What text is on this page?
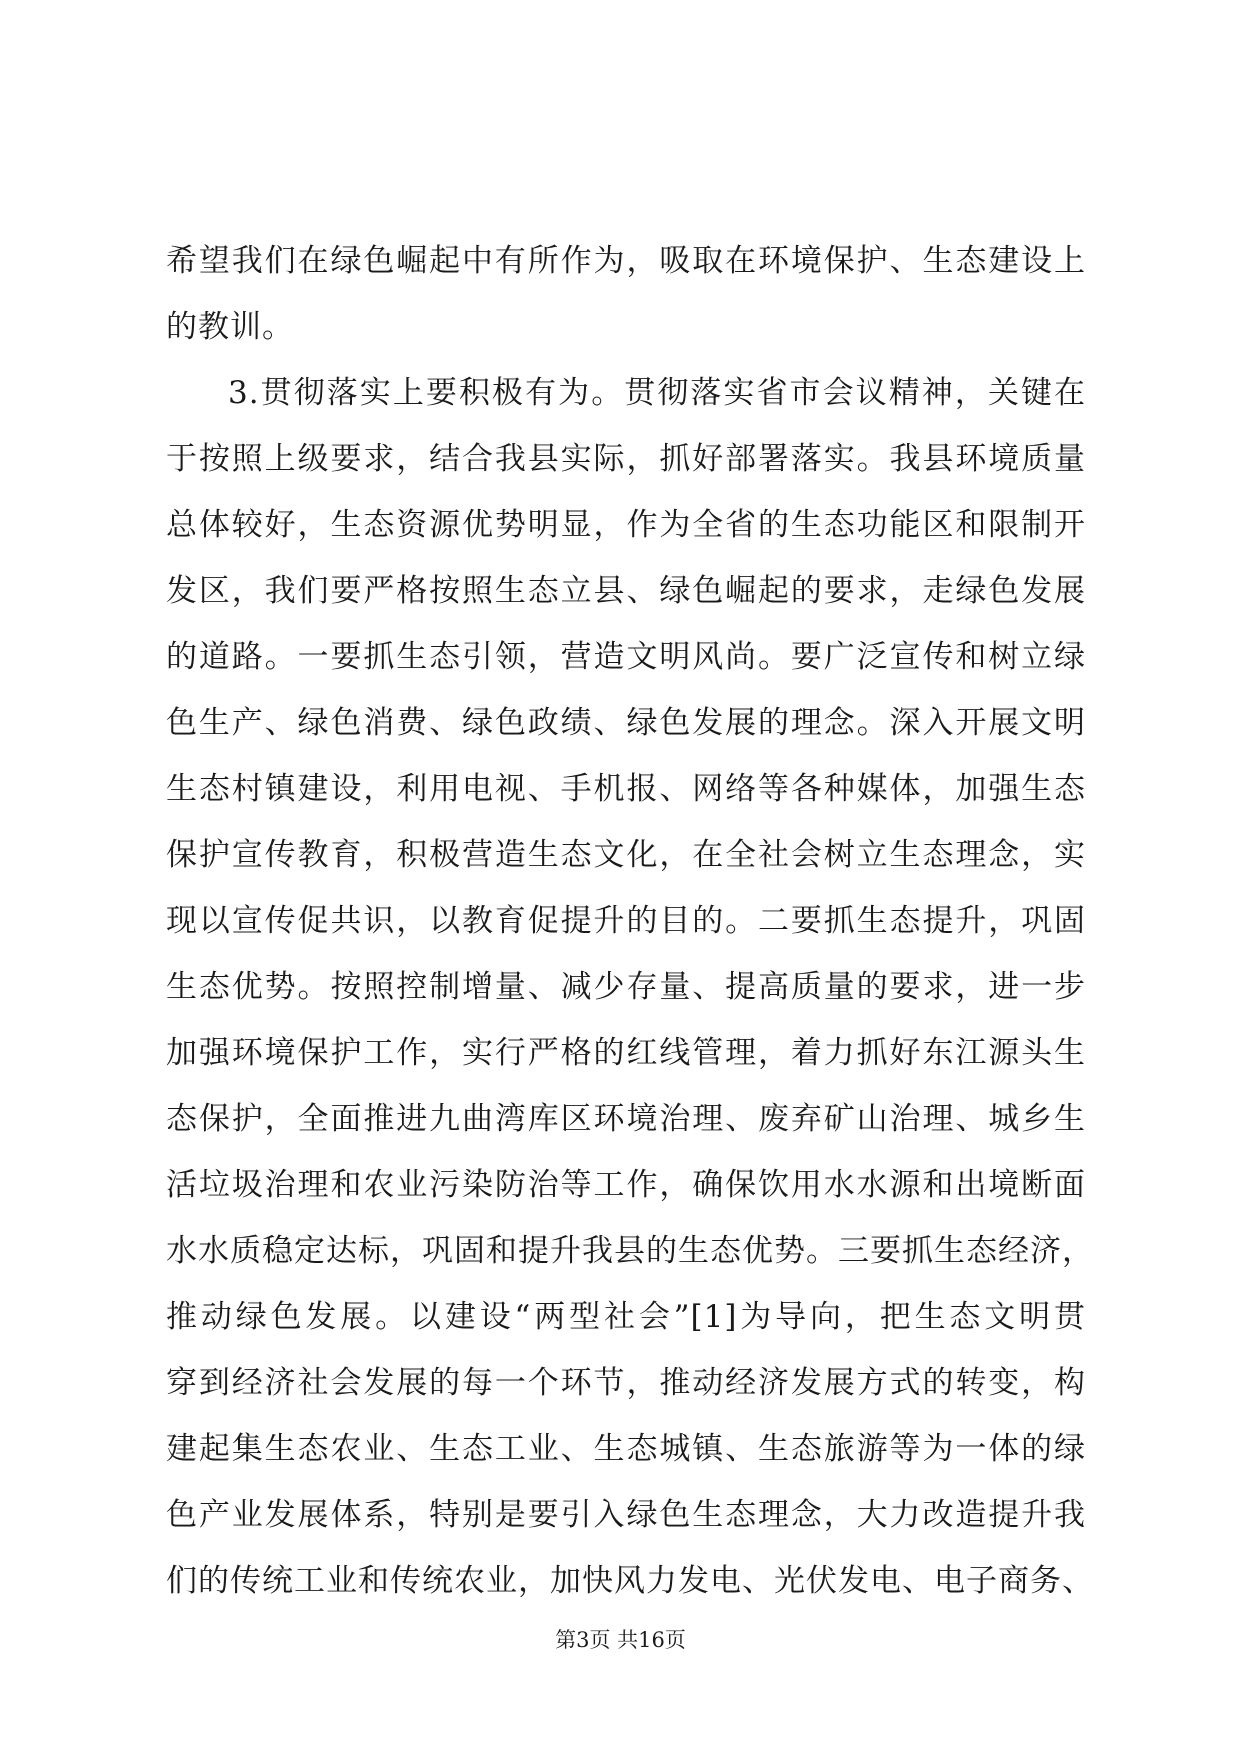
希望我们在绿色崛起中有所作为，吸取在环境保护、生态建设上
的教训。
3.贯彻落实上要积极有为。贯彻落实省市会议精神，关键在
于按照上级要求，结合我县实际，抓好部署落实。我县环境质量
总体较好，生态资源优势明显，作为全省的生态功能区和限制开
发区，我们要严格按照生态立县、绿色崛起的要求，走绿色发展
的道路。一要抓生态引领，营造文明风尚。要广泛宣传和树立绿
色生产、绿色消费、绿色政绩、绿色发展的理念。深入开展文明
生态村镇建设，利用电视、手机报、网络等各种媒体，加强生态
保护宣传教育，积极营造生态文化，在全社会树立生态理念，实
现以宣传促共识，以教育促提升的目的。二要抓生态提升，巩固
生态优势。按照控制增量、减少存量、提高质量的要求，进一步
加强环境保护工作，实行严格的红线管理，着力抓好东江源头生
态保护，全面推进九曲湾库区环境治理、废弃矿山治理、城乡生
活垃圾治理和农业污染防治等工作，确保饮用水水源和出境断面
水水质稳定达标，巩固和提升我县的生态优势。三要抓生态经济，
推动绿色发展。以建设“两型社会”[1]为导向，把生态文明贯
穿到经济社会发展的每一个环节，推动经济发展方式的转变，构
建起集生态农业、生态工业、生态城镇、生态旅游等为一体的绿
色产业发展体系，特别是要引入绿色生态理念，大力改造提升我
们的传统工业和传统农业，加快风力发电、光伏发电、电子商务、
第3页 共16页
